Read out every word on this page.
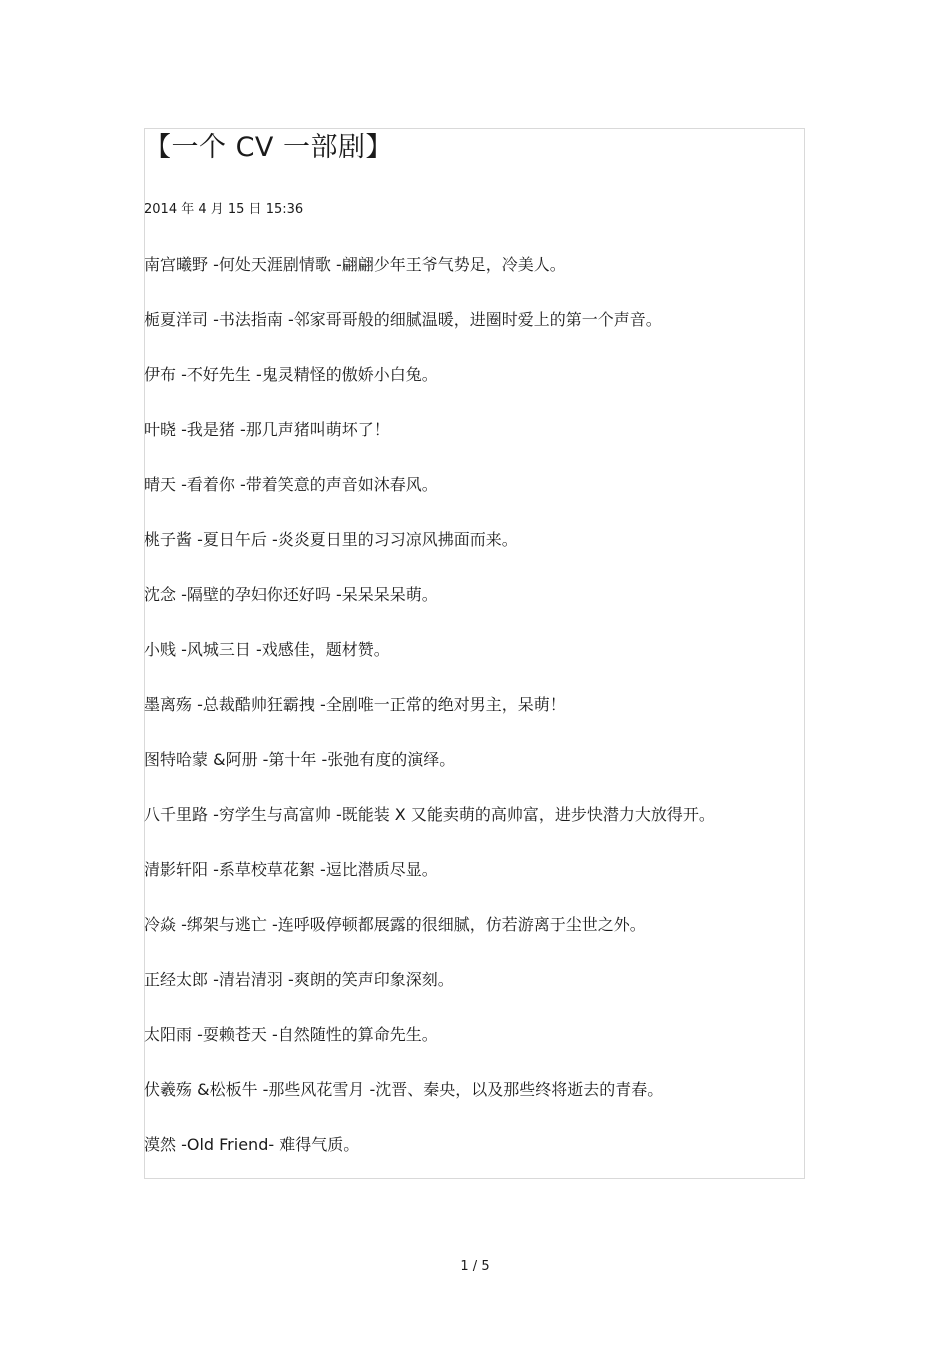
【一个 CV 一部剧】
2014 年 4 月 15 日 15:36
南宫曦野 -何处天涯剧情歌 -翩翩少年王爷气势足，冷美人。
栀夏洋司 -书法指南 -邻家哥哥般的细腻温暖，进圈时爱上的第一个声音。
伊布 -不好先生 -鬼灵精怪的傲娇小白兔。
叶晓 -我是猪 -那几声猪叫萌坏了！
晴天 -看着你 -带着笑意的声音如沐春风。
桃子酱 -夏日午后 -炎炎夏日里的习习凉风拂面而来。
沈念 -隔壁的孕妇你还好吗 -呆呆呆呆萌。
小贱 -风城三日 -戏感佳，题材赞。
墨离殇 -总裁酷帅狂霸拽 -全剧唯一正常的绝对男主，呆萌！
图特哈蒙 &阿册 -第十年 -张弛有度的演绎。
八千里路 -穷学生与高富帅 -既能装 X 又能卖萌的高帅富，进步快潜力大放得开。
清影轩阳 -系草校草花絮 -逗比潜质尽显。
冷焱 -绑架与逃亡 -连呼吸停顿都展露的很细腻，仿若游离于尘世之外。
正经太郎 -清岩清羽 -爽朗的笑声印象深刻。
太阳雨 -耍赖苍天 -自然随性的算命先生。
伏羲殇 &松板牛 -那些风花雪月 -沈晋、秦央，以及那些终将逝去的青春。
漠然 -Old Friend- 难得气质。
1 / 5
